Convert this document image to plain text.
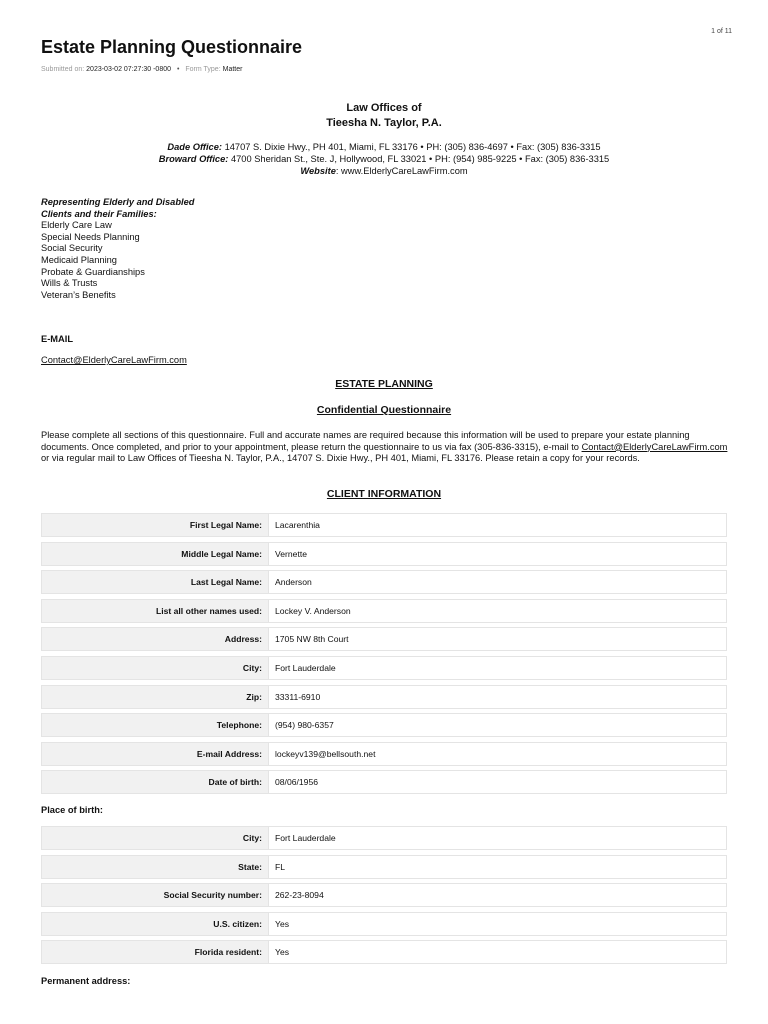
1 of 11
Estate Planning Questionnaire
Submitted on: 2023-03-02 07:27:30 -0800 • Form Type: Matter
Law Offices of
Tieesha N. Taylor, P.A.
Dade Office: 14707 S. Dixie Hwy., PH 401, Miami, FL 33176 • PH: (305) 836-4697 • Fax: (305) 836-3315
Broward Office: 4700 Sheridan St., Ste. J, Hollywood, FL 33021 • PH: (954) 985-9225 • Fax: (305) 836-3315
Website: www.ElderlyCareLawFirm.com
Representing Elderly and Disabled
Clients and their Families:
Elderly Care Law
Special Needs Planning
Social Security
Medicaid Planning
Probate & Guardianships
Wills & Trusts
Veteran’s Benefits
E-MAIL
Contact@ElderlyCareLawFirm.com
ESTATE PLANNING
Confidential Questionnaire
Please complete all sections of this questionnaire. Full and accurate names are required because this information will be used to prepare your estate planning documents. Once completed, and prior to your appointment, please return the questionnaire to us via fax (305-836-3315), e-mail to Contact@ElderlyCareLawFirm.com or via regular mail to Law Offices of Tieesha N. Taylor, P.A., 14707 S. Dixie Hwy., PH 401, Miami, FL 33176. Please retain a copy for your records.
CLIENT INFORMATION
First Legal Name:	Lacarenthia
Middle Legal Name:	Vernette
Last Legal Name:	Anderson
List all other names used:	Lockey V. Anderson
Address:	1705 NW 8th Court
City:	Fort Lauderdale
Zip:	33311-6910
Telephone:	(954) 980-6357
E-mail Address:	lockeyv139@bellsouth.net
Date of birth:	08/06/1956
Place of birth:
City:	Fort Lauderdale
State:	FL
Social Security number:	262-23-8094
U.S. citizen:	Yes
Florida resident:	Yes
Permanent address:
